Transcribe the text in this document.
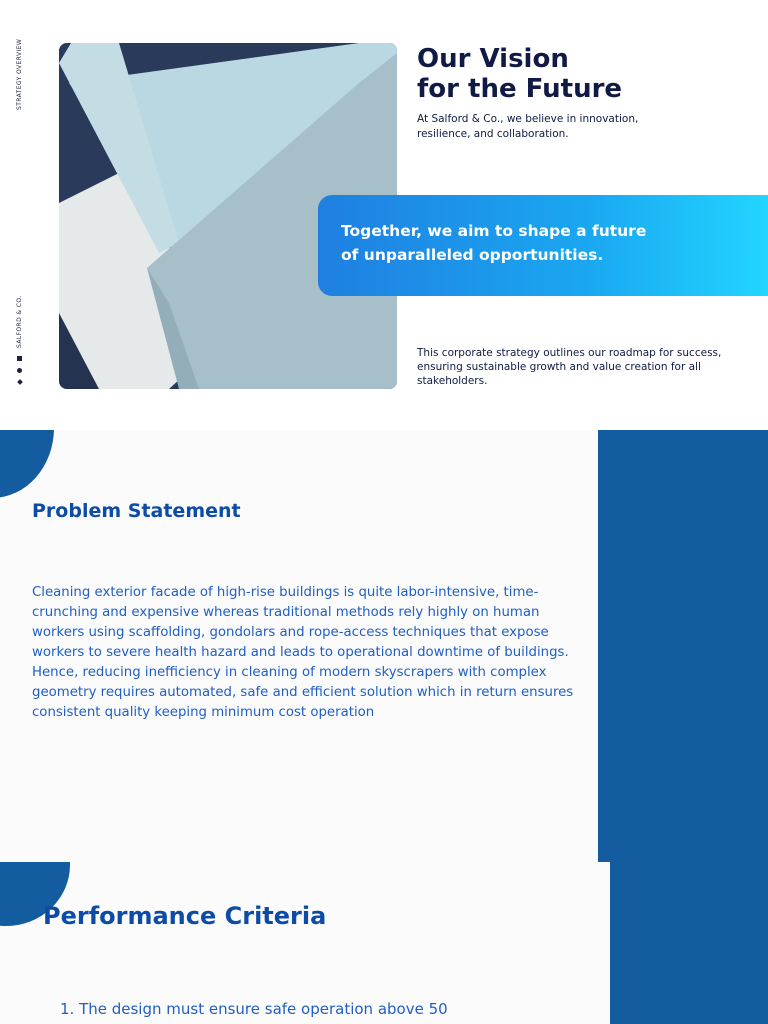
STRATEGY OVERVIEW
SALFORD & CO.
Our Vision
for the Future

At Salford & Co., we believe in innovation, resilience, and collaboration.

Together, we aim to shape a future
of unparalleled opportunities.

This corporate strategy outlines our roadmap for success, ensuring sustainable growth and value creation for all stakeholders.

Problem Statement

Cleaning exterior facade of high-rise buildings is quite labor-intensive, time-crunching and expensive whereas traditional methods rely highly on human workers using scaffolding, gondolars and rope-access techniques that expose workers to severe health hazard and leads to operational downtime of buildings. Hence, reducing inefficiency in cleaning of modern skyscrapers with complex geometry requires automated, safe and efficient solution which in return ensures consistent quality keeping minimum cost operation

Performance Criteria

1. The design must ensure safe operation above 50
